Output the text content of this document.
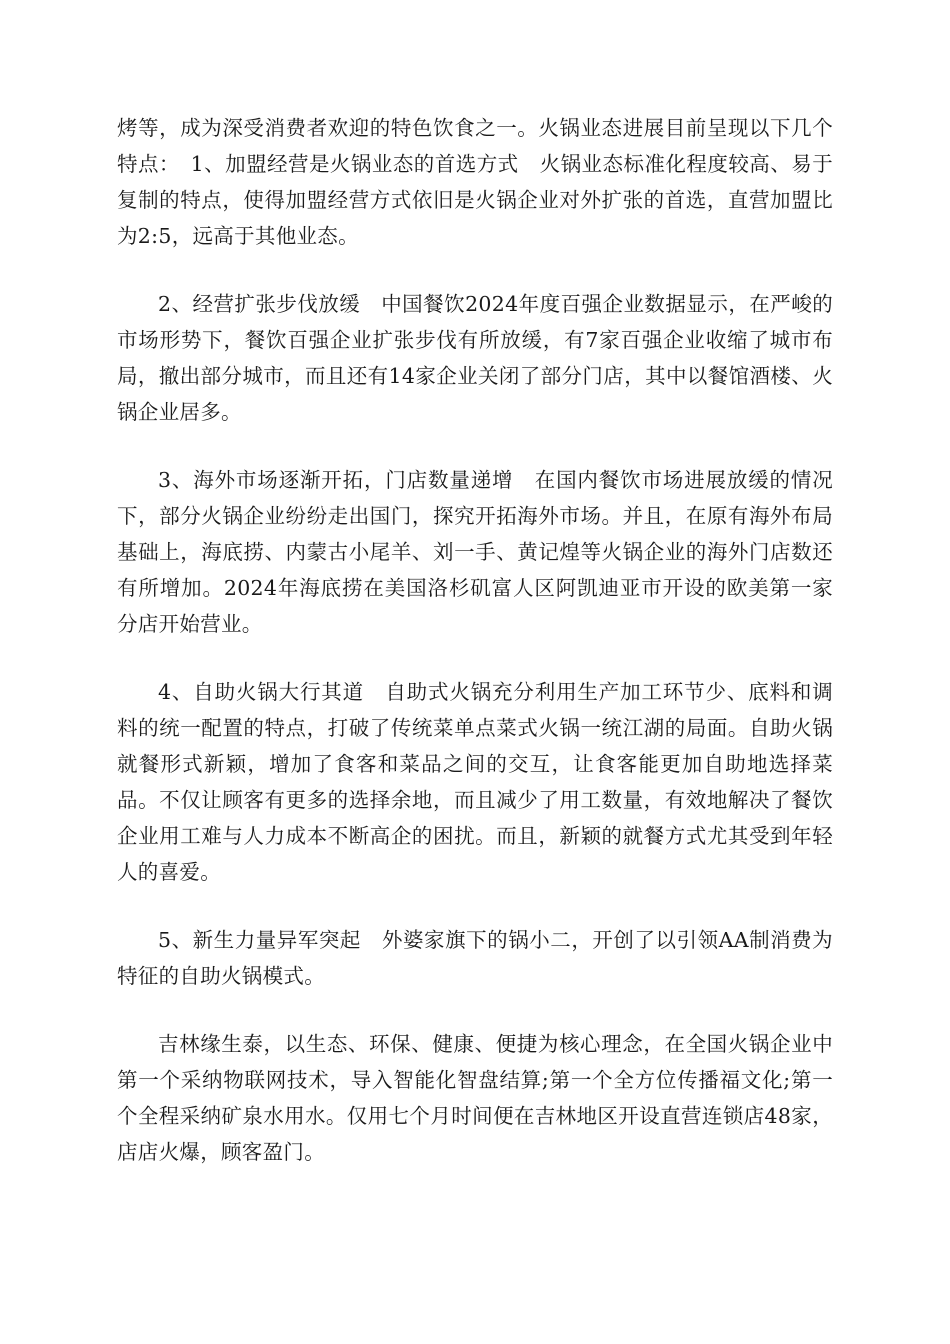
烤等，成为深受消费者欢迎的特色饮食之一。火锅业态进展目前呈现以下几个特点：　1、加盟经营是火锅业态的首选方式　火锅业态标准化程度较高、易于复制的特点，使得加盟经营方式依旧是火锅企业对外扩张的首选，直营加盟比为2:5，远高于其他业态。

2、经营扩张步伐放缓　中国餐饮2024年度百强企业数据显示，在严峻的市场形势下，餐饮百强企业扩张步伐有所放缓，有7家百强企业收缩了城市布局，撤出部分城市，而且还有14家企业关闭了部分门店，其中以餐馆酒楼、火锅企业居多。

3、海外市场逐渐开拓，门店数量递增　在国内餐饮市场进展放缓的情况下，部分火锅企业纷纷走出国门，探究开拓海外市场。并且，在原有海外布局基础上，海底捞、内蒙古小尾羊、刘一手、黄记煌等火锅企业的海外门店数还有所增加。2024年海底捞在美国洛杉矶富人区阿凯迪亚市开设的欧美第一家分店开始营业。

4、自助火锅大行其道　自助式火锅充分利用生产加工环节少、底料和调料的统一配置的特点，打破了传统菜单点菜式火锅一统江湖的局面。自助火锅就餐形式新颖，增加了食客和菜品之间的交互，让食客能更加自助地选择菜品。不仅让顾客有更多的选择余地，而且减少了用工数量，有效地解决了餐饮企业用工难与人力成本不断高企的困扰。而且，新颖的就餐方式尤其受到年轻人的喜爱。

5、新生力量异军突起　外婆家旗下的锅小二，开创了以引领AA制消费为特征的自助火锅模式。

吉林缘生泰，以生态、环保、健康、便捷为核心理念，在全国火锅企业中第一个采纳物联网技术，导入智能化智盘结算;第一个全方位传播福文化;第一个全程采纳矿泉水用水。仅用七个月时间便在吉林地区开设直营连锁店48家，店店火爆，顾客盈门。
